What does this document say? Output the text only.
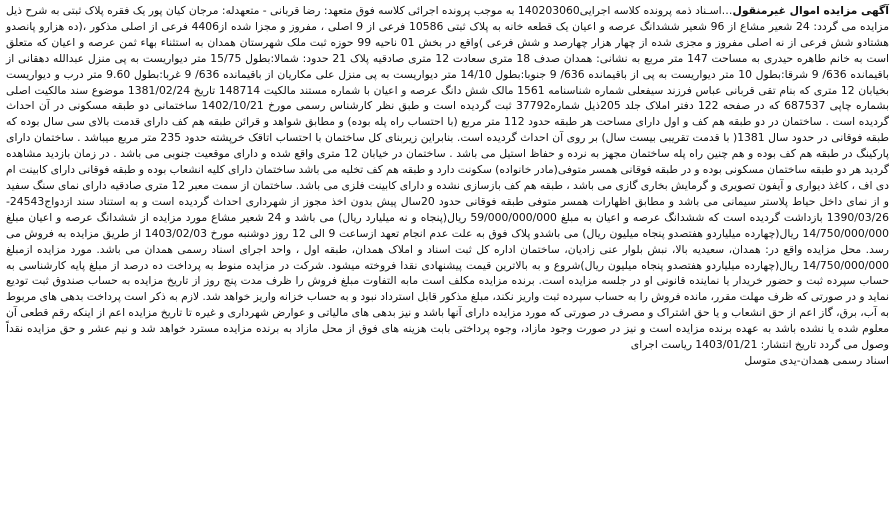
آگهی مزایده اموال غیرمنقول…اسـناد ذمه پرونده کلاسه اجرایی140203060 به موجب پرونده اجرائی کلاسه فوق متعهد: رضا قربانی - متعهدله: مرجان کیان پور یک فقره پلاک ثبتی به شرح ذیل مزایده می گردد: 24 شعیر مشاع از 96 شعیر ششدانگ عرصه و اعیان یک قطعه خانه به پلاک ثبتی 10586 فرعی از 9 اصلی ، مفروز و مجزا شده از4406 فرعی از اصلی مذکور ،(ده هزارو پانصدو هشتادو شش فرعی از نه اصلی مفروز و مجزی شده از چهار هزار چهارصد و شش فرعی )واقع در بخش 01 ناحیه 99 حوزه ثبت ملک شهرستان همدان به استثناء بهاء ثمن عرصه و اعیان که متعلق است به خانم طاهره حیدری به مساحت 147 متر مربع به نشانی: همدان صدف 18 متری سعادت 12 متری صادقیه پلاک 21 حدود: شمالا:بطول 15/75 متر دیواریست به پی منزل عبدالله دهقانی از باقیمانده 636/ 9 شرقا:بطول 10 متر دیواریست به پی از باقیمانده 636/ 9 جنوبا:بطول 14/10 متر دیواریست به پی منزل علی مکاریان از باقیمانده 636/ 9 غربا:بطول 9.60 متر درب و دیواریست بخیابان 12 متری که بنام تقی قربانی عباس فرزند سیفعلی شماره شناسنامه 1561 مالک شش دانگ عرصه و اعیان با شماره مستند مالکیت 148714 تاریخ 1381/02/24 موضوع سند مالکیت اصلی بشماره چاپی 687537 که در صفحه 122 دفتر املاک جلد 205ذیل شماره37792 ثبت گردیده است و طبق نظر کارشناس رسمی مورخ 1402/10/21 ساختمانی دو طبقه مسکونی در آن احداث گردیده است . ساختمان در دو طبقه هم کف و اول دارای مساحت هر طبقه حدود 112 متر مربع (با احتساب راه پله بوده) و مطابق شواهد و قرائن طبقه هم کف دارای قدمت بالای سی سال بوده که طبقه فوقانی در حدود سال 1381( با قدمت تقریبی بیست سال) بر روی آن احداث گردیده است. بنابراین زیربنای کل ساختمان با احتساب اتاقک خرپشته حدود 235 متر مربع میباشد . ساختمان دارای پارکینگ در طبقه هم کف بوده و هم چنین راه پله ساختمان مجهز به نرده و حفاظ استیل می باشد . ساختمان در خیابان 12 متری واقع شده و دارای موقعیت جنوبی می باشد . در زمان بازدید مشاهده گردید هر دو طبقه ساختمان مسکونی بوده و در طبقه فوقانی همسر متوفی(مادر خانواده) سکونت دارد و طبقه هم کف تخلیه می باشد ساختمان دارای کلیه انشعاب بوده و طبقه فوقانی دارای کابینت ام دی اف ، کاغذ دیواری و آیفون تصویری و گرمایش بخاری گازی می باشد ، طبقه هم کف بازسازی نشده و دارای کابینت فلزی می باشد. ساختمان از سمت معبر 12 متری صادقیه دارای نمای سنگ سفید و از نمای داخل حیاط پلاستر سیمانی می باشد و مطابق اظهارات همسر متوفی طبقه فوقانی حدود 20سال پیش بدون اخذ مجوز از شهرداری احداث گردیده است و به استناد سند ازدواج24543-1390/03/26 بازداشت گردیده است که ششدانگ عرصه و اعیان به مبلغ 59/000/000/000 ریال(پنجاه و نه میلیارد ریال) می باشد و 24 شعیر مشاع مورد مزایده از ششدانگ عرصه و اعیان مبلغ 14/750/000/000 ریال(چهارده میلیاردو هفتصدو پنجاه میلیون ریال) می باشدو پلاک فوق به علت عدم انجام تعهد ازساعت 9 الی 12 روز دوشنبه مورخ 1403/02/03 از طریق مزایده به فروش می رسد. محل مزایده واقع در: همدان، سعیدیه بالا، نبش بلوار عنی زادیان، ساختمان اداره کل ثبت اسناد و املاک همدان، طبقه اول ، واحد اجرای اسناد رسمی همدان می باشد. مورد مزایده ازمبلغ 14/750/000/000 ریال(چهارده میلیاردو هفتصدو پنجاه میلیون ریال)شروع و به بالاترین قیمت پیشنهادی نقدا فروخته میشود. شرکت در مزایده منوط به پرداخت ده درصد از مبلغ پایه کارشناسی به حساب سپرده ثبت و حضور خریدار یا نماینده قانونی او در جلسه مزایده است. برنده مزایده مکلف است مابه التفاوت مبلغ فروش را ظرف مدت پنج روز از تاریخ مزایده به حساب صندوق ثبت تودیع نماید و در صورتی که ظرف مهلت مقرر، مانده فروش را به حساب سپرده ثبت واریز نکند، مبلغ مذکور قابل استرداد نبود و به حساب خزانه واریز خواهد شد. لازم به ذکر است پرداخت بدهی های مربوط به آب، برق، گاز اعم از حق انشعاب و یا حق اشتراک و مصرف در صورتی که مورد مزایده دارای آنها باشد و نیز بدهی های مالیاتی و عوارض شهرداری و غیره تا تاریخ مزایده اعم از اینکه رقم قطعی آن معلوم شده یا نشده باشد به عهده برنده مزایده است و نیز در صورت وجود مازاد، وجوه پرداختی بابت هزینه های فوق از محل مازاد به برنده مزایده مسترد خواهد شد و نیم عشر و حق مزایده نقداً وصول می گردد تاریخ انتشار: 1403/01/21 ریاست اجرای

اسناد رسمی همدان-یدی متوسل
